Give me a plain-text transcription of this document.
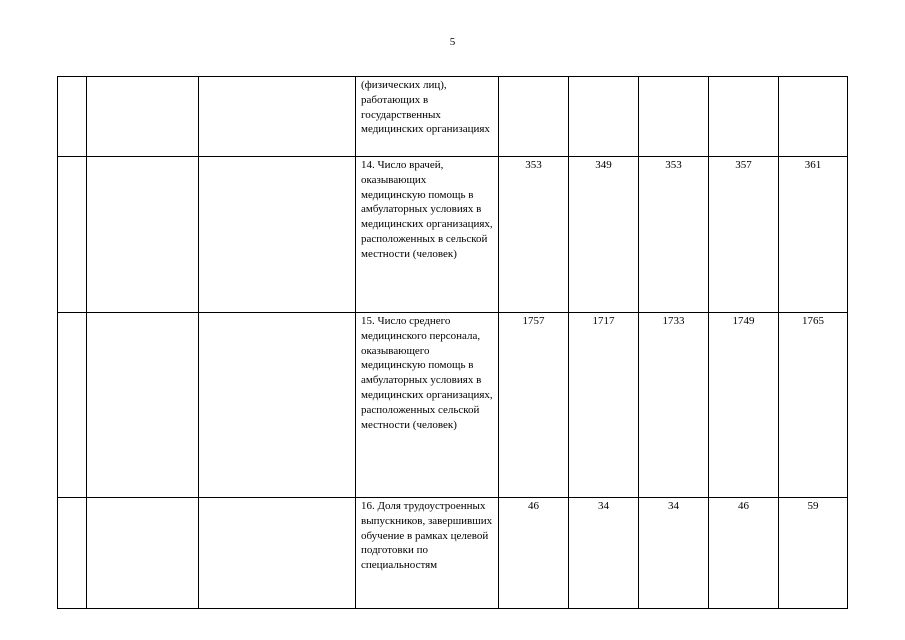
5
			(физических лиц), работающих в государственных медицинских организациях					
			14. Число врачей, оказывающих медицинскую помощь в амбулаторных условиях в медицинских организациях, расположенных в сельской местности (человек)	353	349	353	357	361
			15. Число среднего медицинского персонала, оказывающего медицинскую помощь в амбулаторных условиях в медицинских организациях, расположенных сельской местности (человек)	1757	1717	1733	1749	1765
			16. Доля трудоустроенных выпускников, завершивших обучение в рамках целевой подготовки по специальностям	46	34	34	46	59
